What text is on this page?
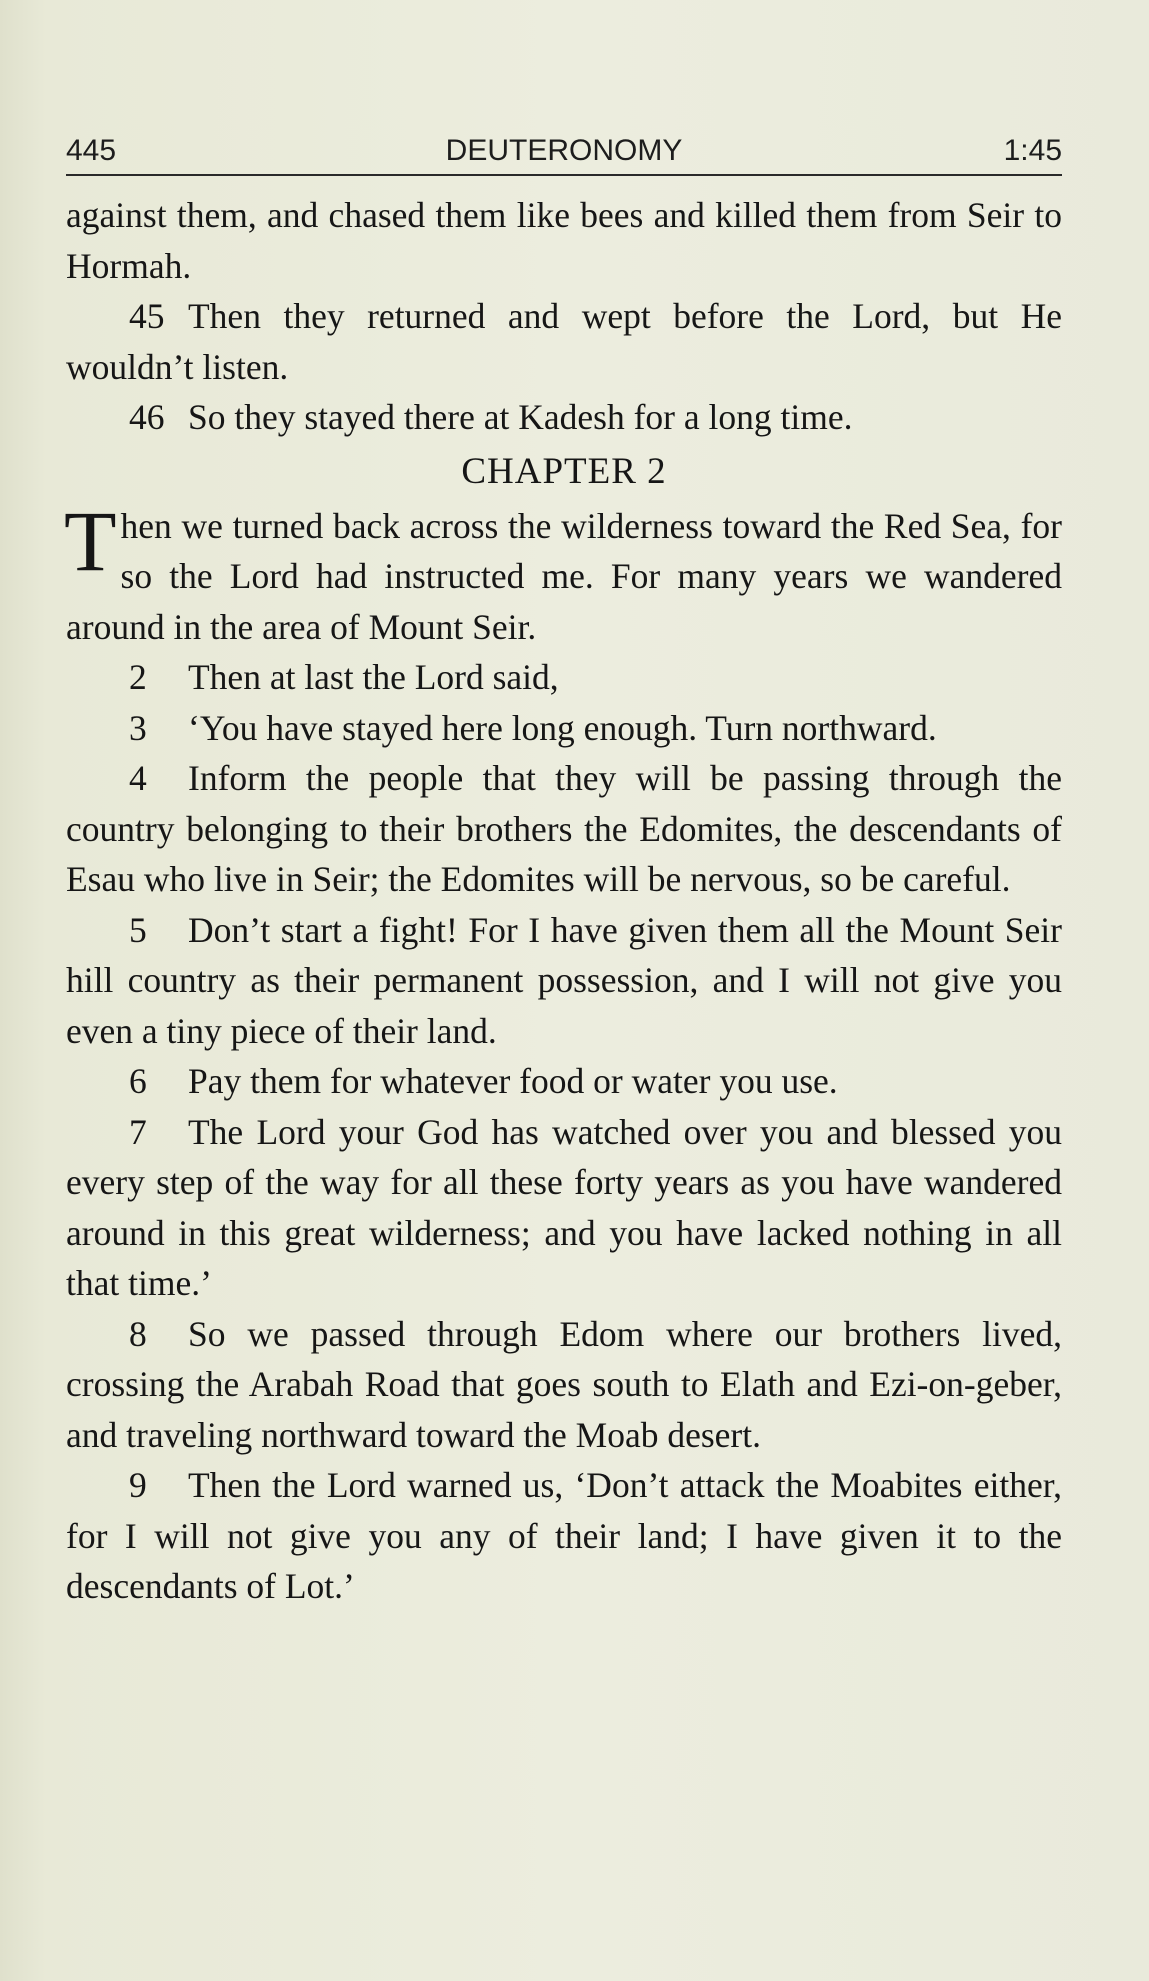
DEUTERONOMY
445	1:45

against them, and chased them like bees and killed them from Seir to Hormah.

45 Then they returned and wept before the Lord, but He wouldn’t listen.

46 So they stayed there at Kadesh for a long time.

CHAPTER 2

Then we turned back across the wilderness toward the Red Sea, for so the Lord had instructed me. For many years we wandered around in the area of Mount Seir.

2 Then at last the Lord said,

3 ‘You have stayed here long enough. Turn northward.

4 Inform the people that they will be passing through the country belonging to their brothers the Edomites, the descendants of Esau who live in Seir; the Edomites will be nervous, so be careful.

5 Don’t start a fight! For I have given them all the Mount Seir hill country as their permanent possession, and I will not give you even a tiny piece of their land.

6 Pay them for whatever food or water you use.

7 The Lord your God has watched over you and blessed you every step of the way for all these forty years as you have wandered around in this great wilderness; and you have lacked nothing in all that time.’

8 So we passed through Edom where our brothers lived, crossing the Arabah Road that goes south to Elath and Ezi-on-geber, and traveling northward toward the Moab desert.

9 Then the Lord warned us, ‘Don’t attack the Moabites either, for I will not give you any of their land; I have given it to the descendants of Lot.’
